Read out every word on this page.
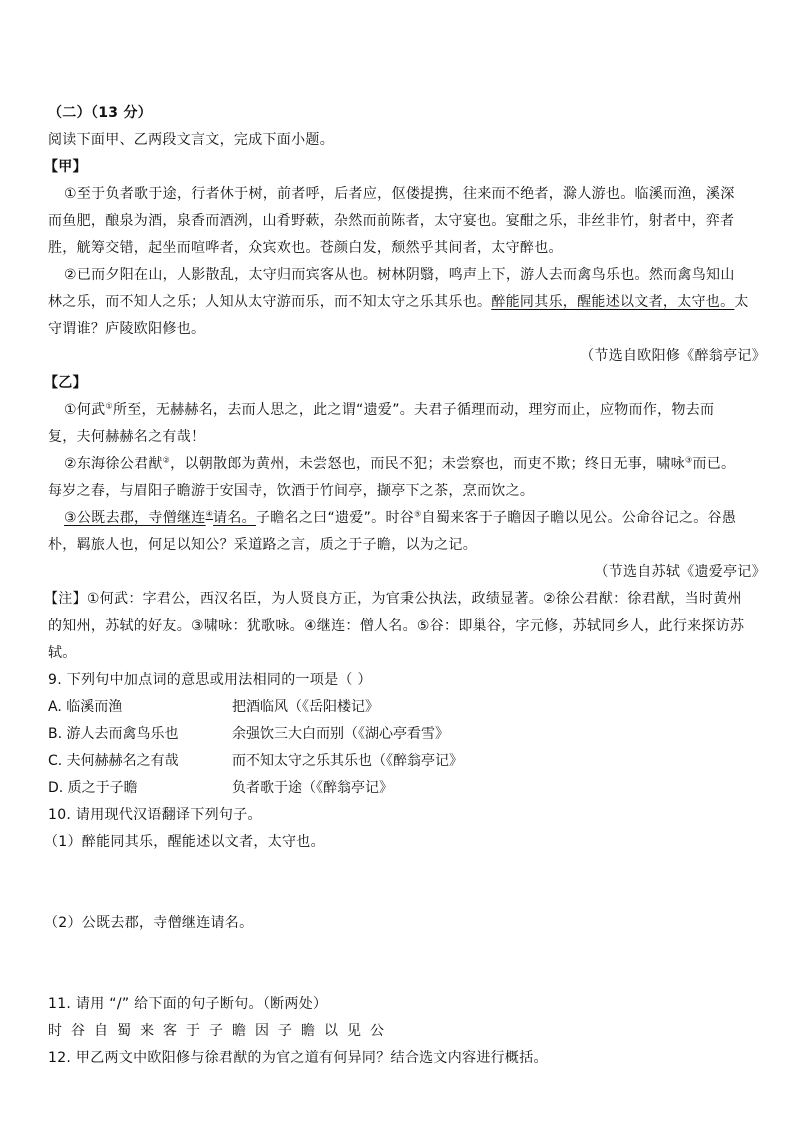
（二）（13 分）
阅读下面甲、乙两段文言文，完成下面小题。
【甲】
①至于负者歌于途，行者休于树，前者呼，后者应，伛偻提携，往来而不绝者，滁人游也。临溪而渔，溪深
而鱼肥，酿泉为酒，泉香而酒洌，山肴野蔌，杂然而前陈者，太守宴也。宴酣之乐，非丝非竹，射者中，弈者
胜，觥筹交错，起坐而喧哗者，众宾欢也。苍颜白发，颓然乎其间者，太守醉也。
②已而夕阳在山，人影散乱，太守归而宾客从也。树林阴翳，鸣声上下，游人去而禽鸟乐也。然而禽鸟知山
林之乐，而不知人之乐；人知从太守游而乐，而不知太守之乐其乐也。醉能同其乐，醒能述以文者，太守也。太
守谓谁？庐陵欧阳修也。
（节选自欧阳修《醉翁亭记》
【乙】
①何武①所至，无赫赫名，去而人思之，此之谓“遗爱”。夫君子循理而动，理穷而止，应物而作，物去而
复，夫何赫赫名之有哉！
②东海徐公君猷②，以朝散郎为黄州，未尝怒也，而民不犯；未尝察也，而吏不欺；终日无事，啸咏③而已。
每岁之春，与眉阳子瞻游于安国寺，饮酒于竹间亭，撷亭下之茶，烹而饮之。
③公既去郡，寺僧继连④请名。子瞻名之曰“遗爱”。时谷⑤自蜀来客于子瞻因子瞻以见公。公命谷记之。谷愚
朴，羁旅人也，何足以知公？采道路之言，质之于子瞻，以为之记。
（节选自苏轼《遗爱亭记》
【注】①何武：字君公，西汉名臣，为人贤良方正，为官秉公执法，政绩显著。②徐公君猷：徐君猷，当时黄州
的知州，苏轼的好友。③啸咏：犹歌咏。④继连：僧人名。⑤谷：即巢谷，字元修，苏轼同乡人，此行来探访苏
轼。
9. 下列句中加点词的意思或用法相同的一项是（ ）
A. 临溪而渔	把酒临风（《岳阳楼记》
B. 游人去而禽鸟乐也	余强饮三大白而别（《湖心亭看雪》
C. 夫何赫赫名之有哉	而不知太守之乐其乐也（《醉翁亭记》
D. 质之于子瞻	负者歌于途（《醉翁亭记》
10. 请用现代汉语翻译下列句子。
（1）醉能同其乐，醒能述以文者，太守也。
（2）公既去郡，寺僧继连请名。
11. 请用 “/” 给下面的句子断句。（断两处）
时谷自蜀来客于子瞻因子瞻以见公
12. 甲乙两文中欧阳修与徐君猷的为官之道有何异同？结合选文内容进行概括。
